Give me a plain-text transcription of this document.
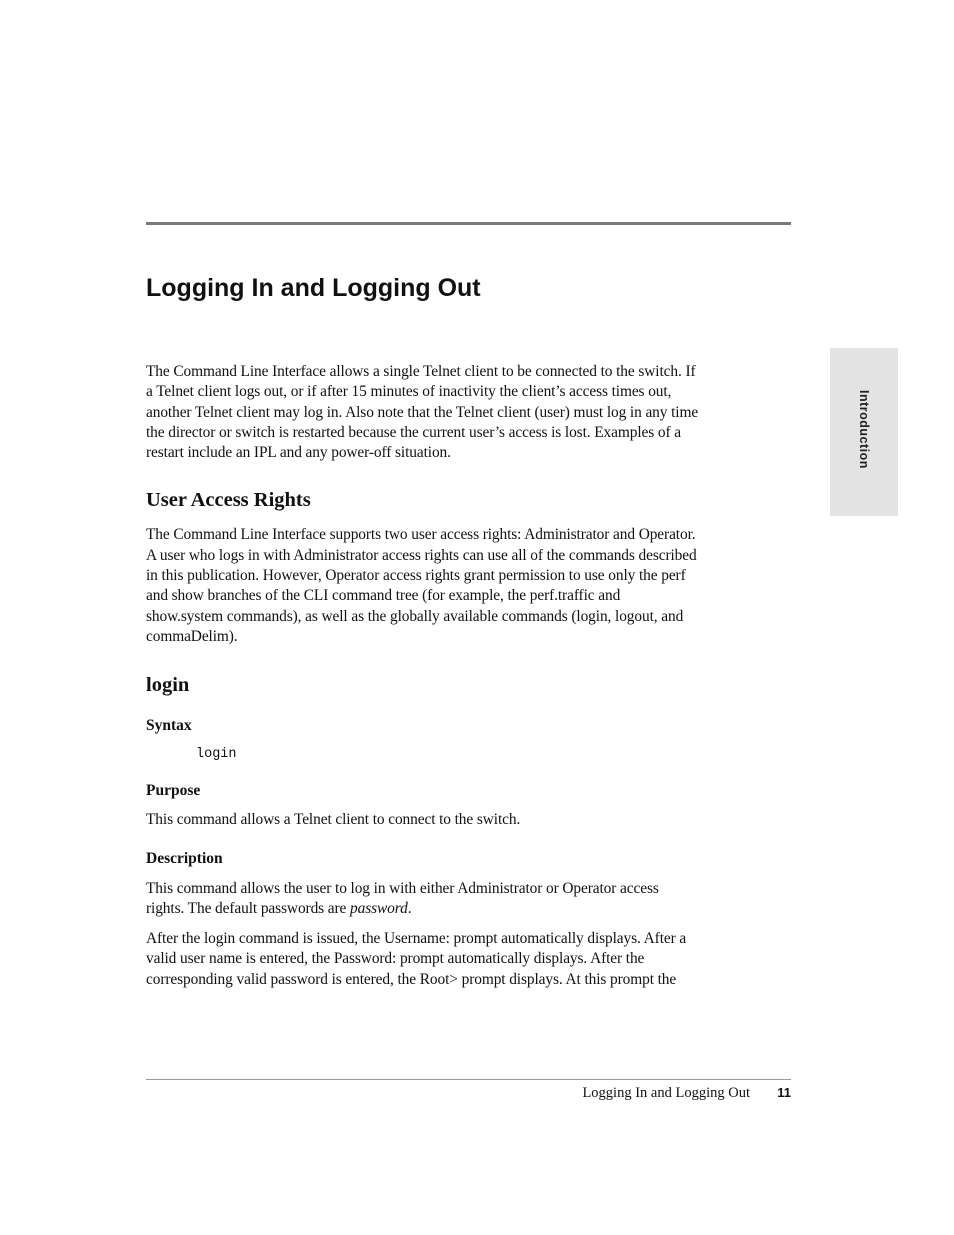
Logging In and Logging Out
Introduction

The Command Line Interface allows a single Telnet client to be connected to the switch. If
a Telnet client logs out, or if after 15 minutes of inactivity the client’s access times out,
another Telnet client may log in. Also note that the Telnet client (user) must log in any time
the director or switch is restarted because the current user’s access is lost. Examples of a
restart include an IPL and any power-off situation.

User Access Rights

The Command Line Interface supports two user access rights: Administrator and Operator.
A user who logs in with Administrator access rights can use all of the commands described
in this publication. However, Operator access rights grant permission to use only the perf
and show branches of the CLI command tree (for example, the perf.traffic and
show.system commands), as well as the globally available commands (login, logout, and
commaDelim).

login
Syntax
login
Purpose

This command allows a Telnet client to connect to the switch.

Description

This command allows the user to log in with either Administrator or Operator access
rights. The default passwords are password.

After the login command is issued, the Username: prompt automatically displays. After a
valid user name is entered, the Password: prompt automatically displays. After the
corresponding valid password is entered, the Root> prompt displays. At this prompt the

Logging In and Logging Out	11
